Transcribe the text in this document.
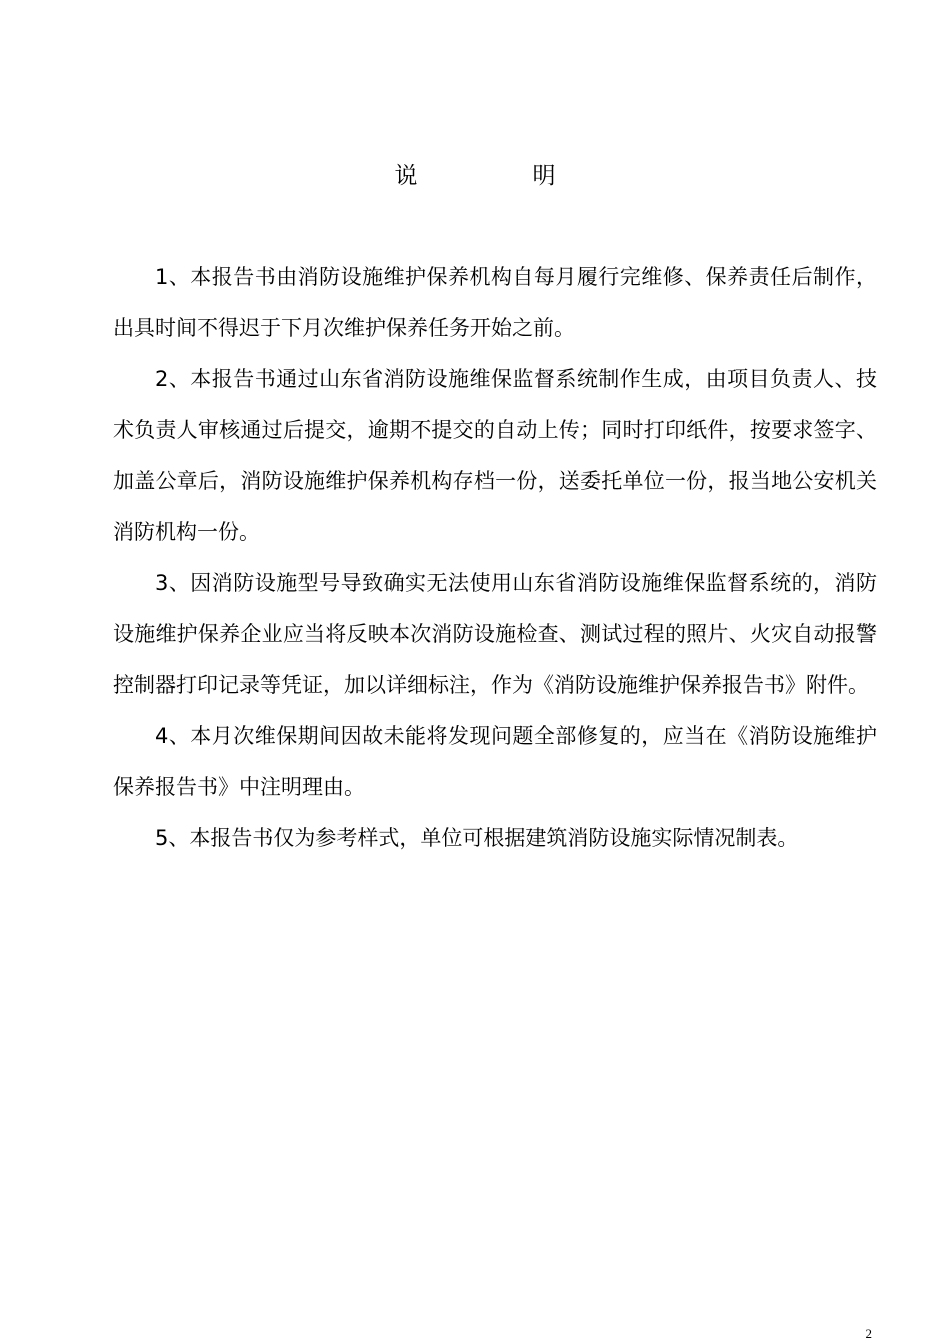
说　　　　　明

1、本报告书由消防设施维护保养机构自每月履行完维修、保养责任后制作，出具时间不得迟于下月次维护保养任务开始之前。

2、本报告书通过山东省消防设施维保监督系统制作生成，由项目负责人、技术负责人审核通过后提交，逾期不提交的自动上传；同时打印纸件，按要求签字、加盖公章后，消防设施维护保养机构存档一份，送委托单位一份，报当地公安机关消防机构一份。

3、因消防设施型号导致确实无法使用山东省消防设施维保监督系统的，消防设施维护保养企业应当将反映本次消防设施检查、测试过程的照片、火灾自动报警控制器打印记录等凭证，加以详细标注，作为《消防设施维护保养报告书》附件。

4、本月次维保期间因故未能将发现问题全部修复的，应当在《消防设施维护保养报告书》中注明理由。

5、本报告书仅为参考样式，单位可根据建筑消防设施实际情况制表。

2
